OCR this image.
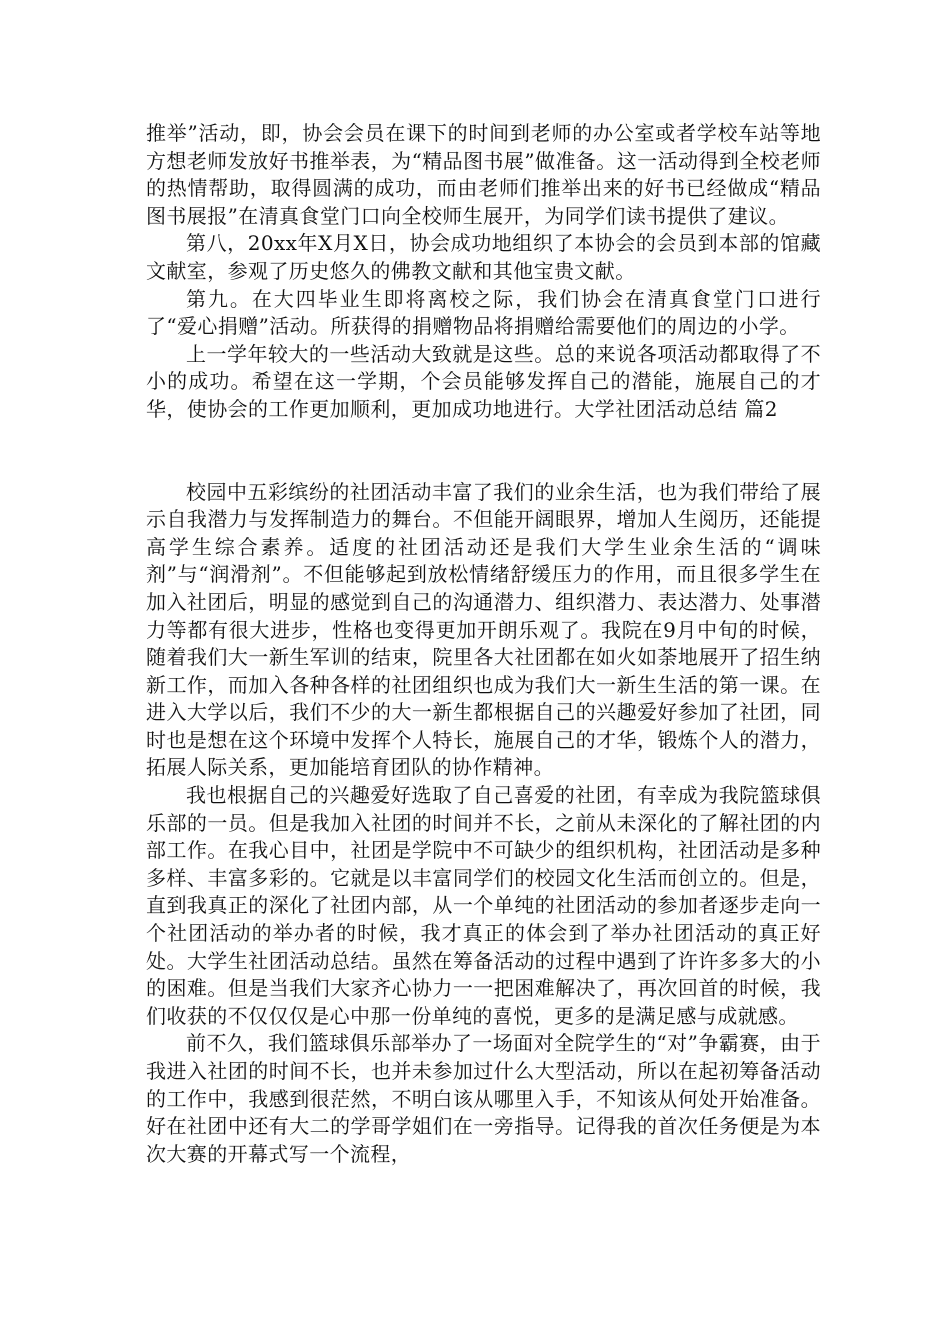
推举”活动，即，协会会员在课下的时间到老师的办公室或者学校车站等地方想老师发放好书推举表，为“精品图书展”做准备。这一活动得到全校老师的热情帮助，取得圆满的成功，而由老师们推举出来的好书已经做成“精品图书展报”在清真食堂门口向全校师生展开，为同学们读书提供了建议。

第八，20xx年X月X日，协会成功地组织了本协会的会员到本部的馆藏文献室，参观了历史悠久的佛教文献和其他宝贵文献。

第九。在大四毕业生即将离校之际，我们协会在清真食堂门口进行了“爱心捐赠”活动。所获得的捐赠物品将捐赠给需要他们的周边的小学。

上一学年较大的一些活动大致就是这些。总的来说各项活动都取得了不小的成功。希望在这一学期，个会员能够发挥自己的潜能，施展自己的才华，使协会的工作更加顺利，更加成功地进行。大学社团活动总结 篇2

校园中五彩缤纷的社团活动丰富了我们的业余生活，也为我们带给了展示自我潜力与发挥制造力的舞台。不但能开阔眼界，增加人生阅历，还能提高学生综合素养。适度的社团活动还是我们大学生业余生活的“调味剂”与“润滑剂”。不但能够起到放松情绪舒缓压力的作用，而且很多学生在加入社团后，明显的感觉到自己的沟通潜力、组织潜力、表达潜力、处事潜力等都有很大进步，性格也变得更加开朗乐观了。我院在9月中旬的时候，随着我们大一新生军训的结束，院里各大社团都在如火如荼地展开了招生纳新工作，而加入各种各样的社团组织也成为我们大一新生生活的第一课。在进入大学以后，我们不少的大一新生都根据自己的兴趣爱好参加了社团，同时也是想在这个环境中发挥个人特长，施展自己的才华，锻炼个人的潜力，拓展人际关系，更加能培育团队的协作精神。

我也根据自己的兴趣爱好选取了自己喜爱的社团，有幸成为我院篮球俱乐部的一员。但是我加入社团的时间并不长，之前从未深化的了解社团的内部工作。在我心目中，社团是学院中不可缺少的组织机构，社团活动是多种多样、丰富多彩的。它就是以丰富同学们的校园文化生活而创立的。但是，直到我真正的深化了社团内部，从一个单纯的社团活动的参加者逐步走向一个社团活动的举办者的时候，我才真正的体会到了举办社团活动的真正好处。大学生社团活动总结。虽然在筹备活动的过程中遇到了许许多多大的小的困难。但是当我们大家齐心协力一一把困难解决了，再次回首的时候，我们收获的不仅仅仅是心中那一份单纯的喜悦，更多的是满足感与成就感。

前不久，我们篮球俱乐部举办了一场面对全院学生的“对”争霸赛，由于我进入社团的时间不长，也并未参加过什么大型活动，所以在起初筹备活动的工作中，我感到很茫然，不明白该从哪里入手，不知该从何处开始准备。好在社团中还有大二的学哥学姐们在一旁指导。记得我的首次任务便是为本次大赛的开幕式写一个流程，
